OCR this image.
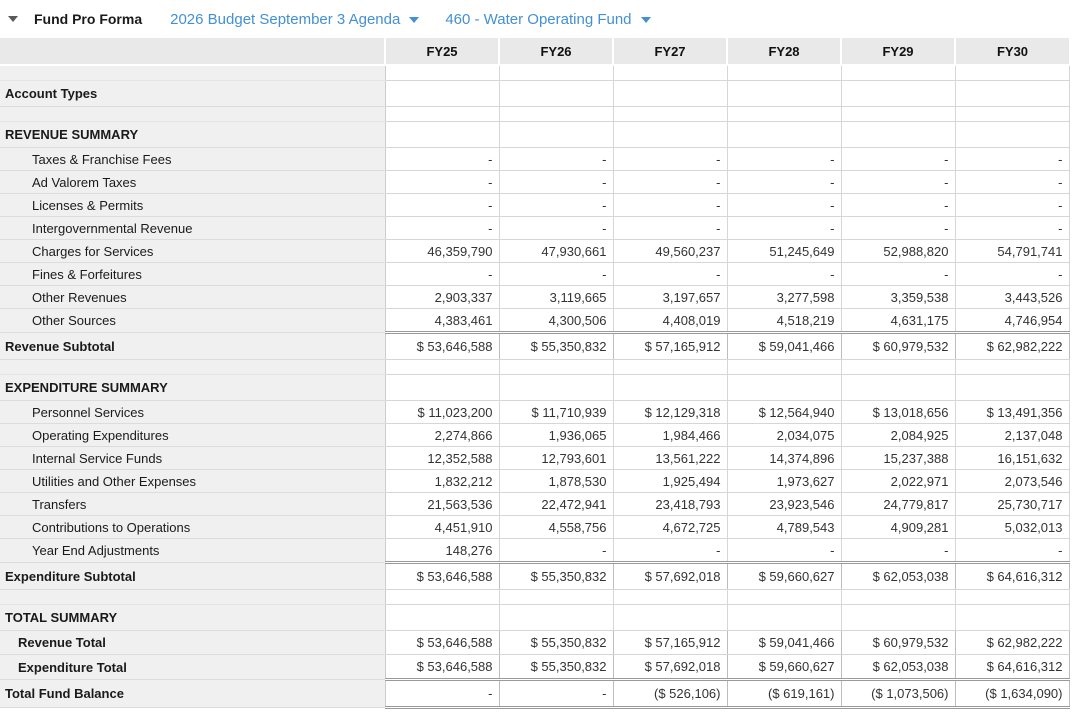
Fund Pro Forma 2026 Budget September 3 Agenda	460 - Water Operating Fund
	FY25	FY26	FY27	FY28	FY29	FY30

Account Types						

REVENUE SUMMARY						
Taxes & Franchise Fees	-	-	-	-	-	-
Ad Valorem Taxes	-	-	-	-	-	-
Licenses & Permits	-	-	-	-	-	-
Intergovernmental Revenue	-	-	-	-	-	-
Charges for Services	46,359,790	47,930,661	49,560,237	51,245,649	52,988,820	54,791,741
Fines & Forfeitures	-	-	-	-	-	-
Other Revenues	2,903,337	3,119,665	3,197,657	3,277,598	3,359,538	3,443,526
Other Sources	4,383,461	4,300,506	4,408,019	4,518,219	4,631,175	4,746,954
Revenue Subtotal	$ 53,646,588	$ 55,350,832	$ 57,165,912	$ 59,041,466	$ 60,979,532	$ 62,982,222

EXPENDITURE SUMMARY						
Personnel Services	$ 11,023,200	$ 11,710,939	$ 12,129,318	$ 12,564,940	$ 13,018,656	$ 13,491,356
Operating Expenditures	2,274,866	1,936,065	1,984,466	2,034,075	2,084,925	2,137,048
Internal Service Funds	12,352,588	12,793,601	13,561,222	14,374,896	15,237,388	16,151,632
Utilities and Other Expenses	1,832,212	1,878,530	1,925,494	1,973,627	2,022,971	2,073,546
Transfers	21,563,536	22,472,941	23,418,793	23,923,546	24,779,817	25,730,717
Contributions to Operations	4,451,910	4,558,756	4,672,725	4,789,543	4,909,281	5,032,013
Year End Adjustments	148,276	-	-	-	-	-
Expenditure Subtotal	$ 53,646,588	$ 55,350,832	$ 57,692,018	$ 59,660,627	$ 62,053,038	$ 64,616,312

TOTAL SUMMARY						
Revenue Total	$ 53,646,588	$ 55,350,832	$ 57,165,912	$ 59,041,466	$ 60,979,532	$ 62,982,222
Expenditure Total	$ 53,646,588	$ 55,350,832	$ 57,692,018	$ 59,660,627	$ 62,053,038	$ 64,616,312
Total Fund Balance	-	-	($ 526,106)	($ 619,161)	($ 1,073,506)	($ 1,634,090)
